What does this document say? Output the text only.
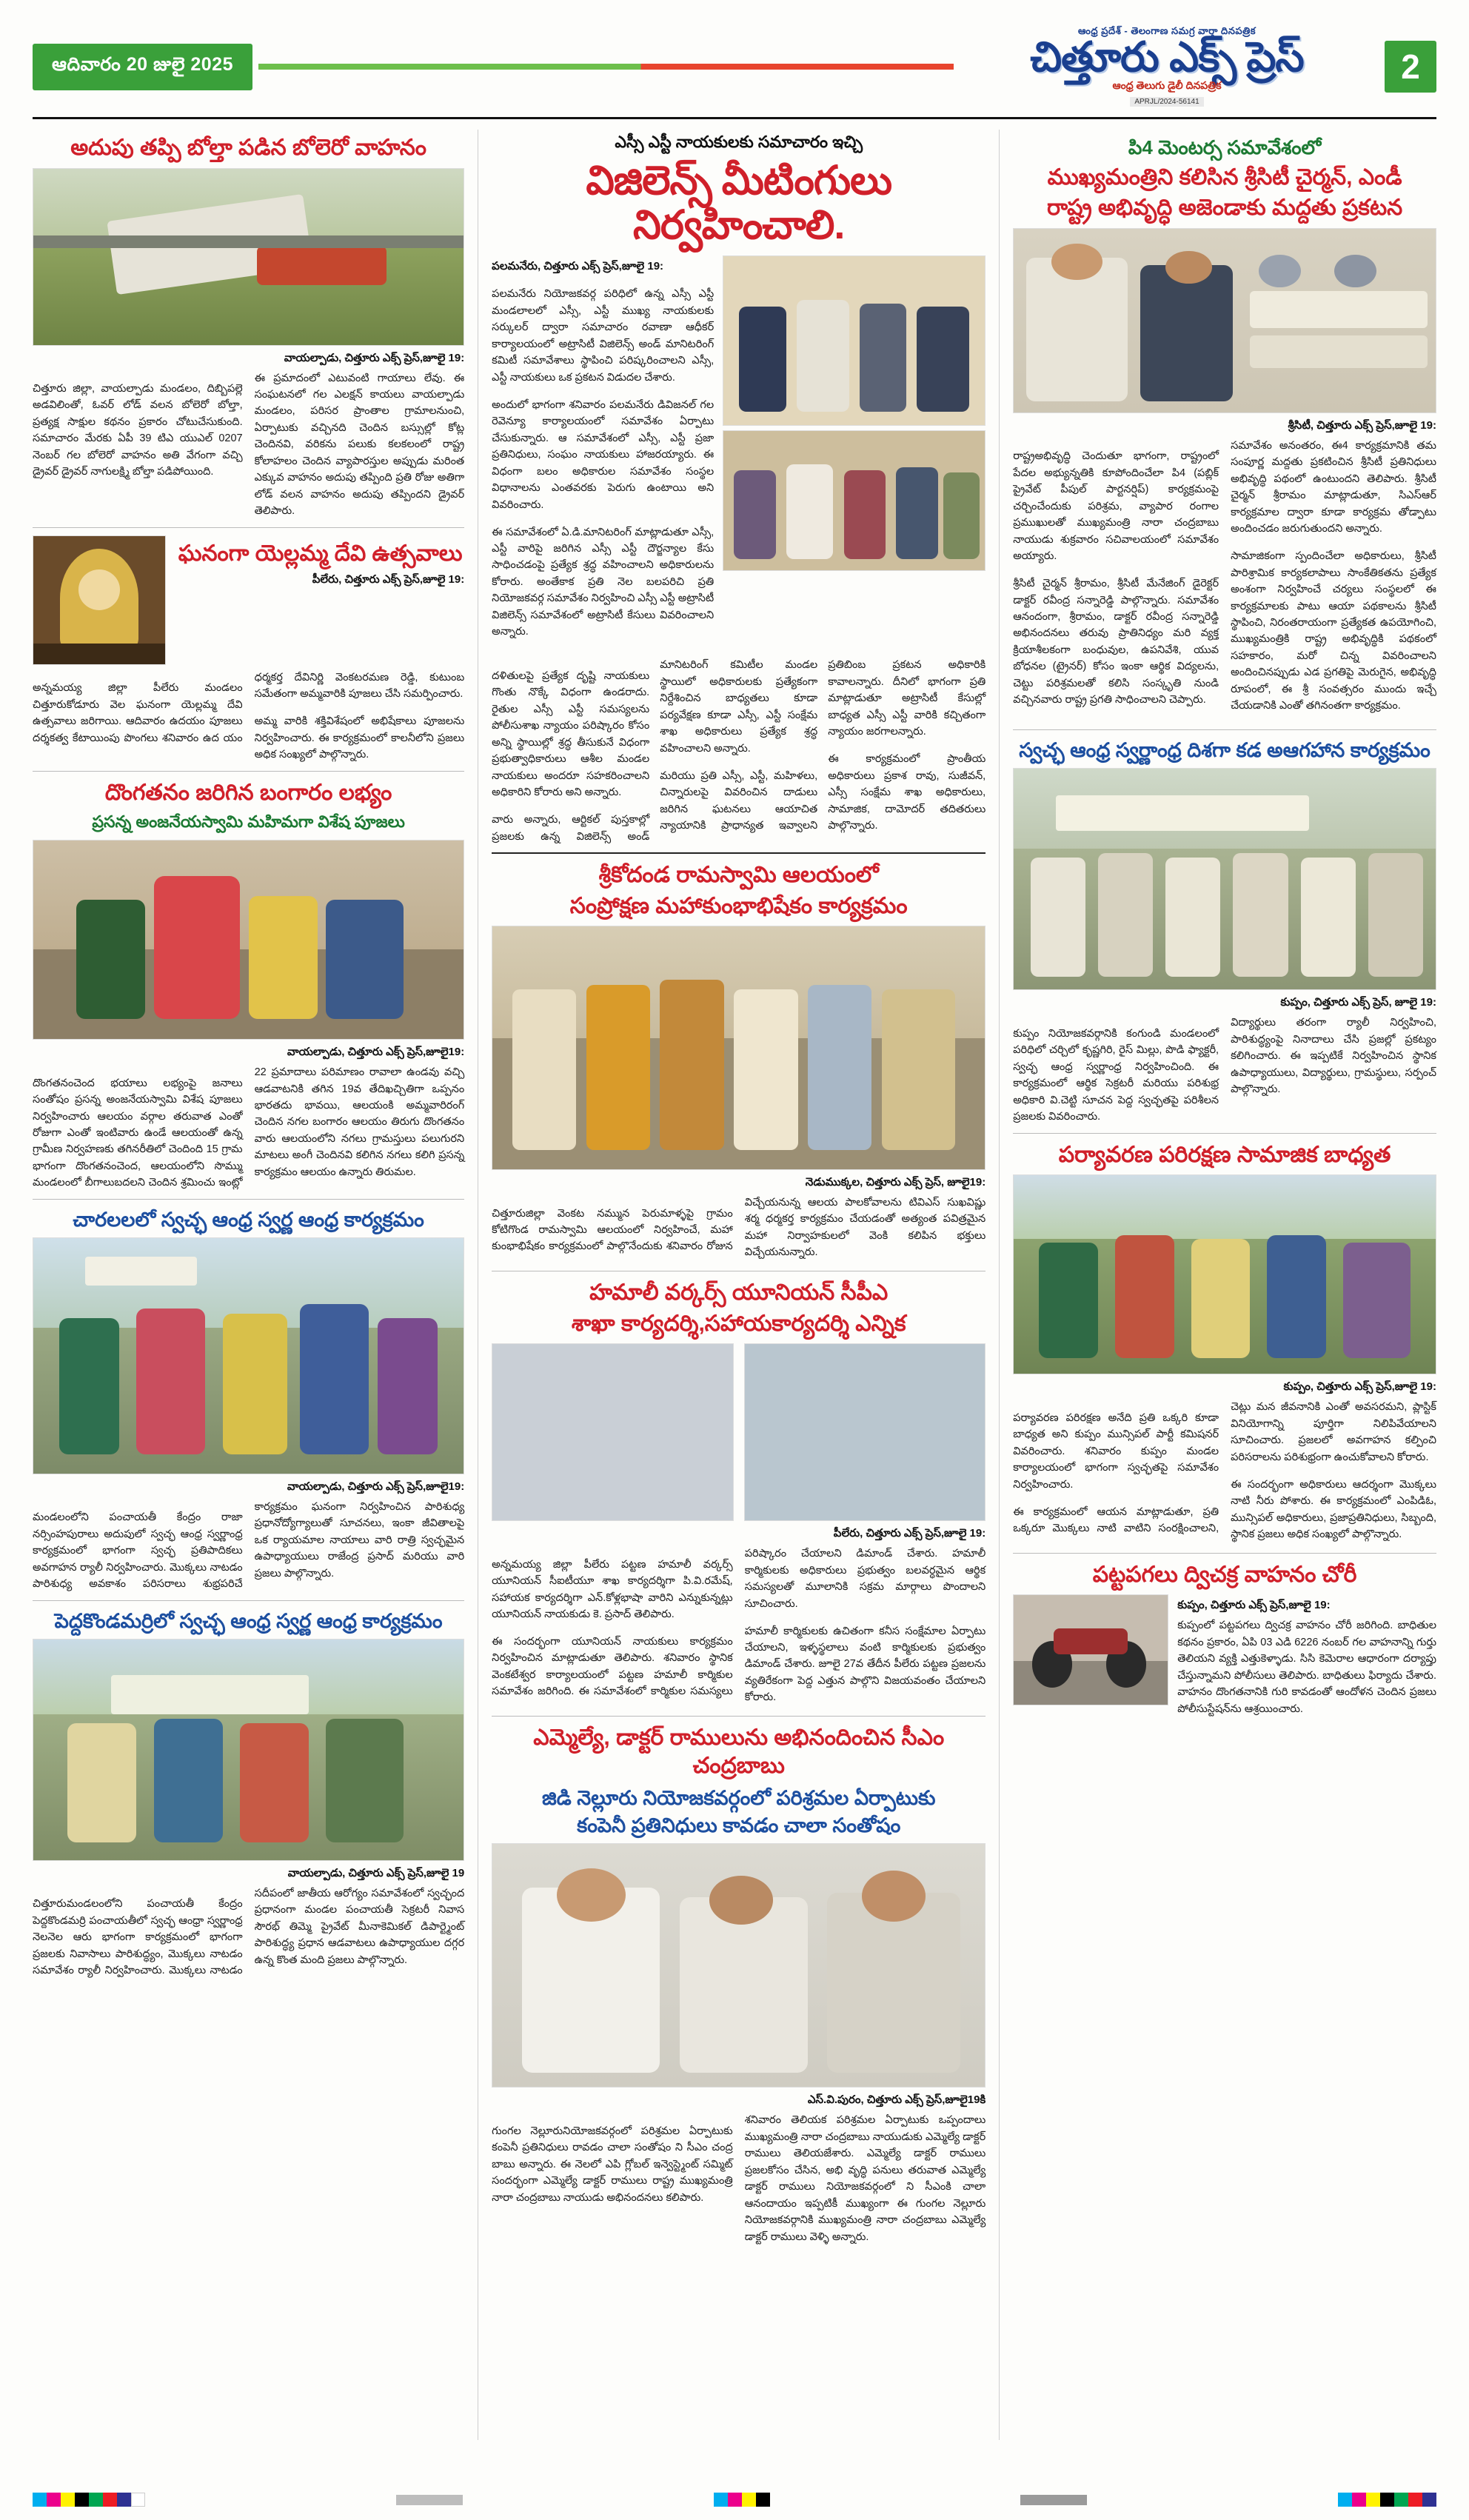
ఆదివారం 20 జులై 2025
ఆంధ్ర ప్రదేశ్ - తెలంగాణ సమగ్ర వార్తా దినపత్రిక
చిత్తూరు ఎక్స్ ప్రెస్
ఆంధ్ర తెలుగు డైలీ దినపత్రిక
APRJL/2024-56141
2
అదుపు తప్పి బోల్తా పడిన బోలెరో వాహనం
వాయల్పాడు, చిత్తూరు ఎక్స్ ప్రెస్,జూలై 19:

చిత్తూరు జిల్లా, వాయల్పాడు మండలం, దిబ్బిపల్లె అడవిలింతో, ఓవర్ లోడ్ వలన బోలెరో బోల్తా, ప్రత్యక్ష సాక్షుల కథనం ప్రకారం చోటుచేసుకుంది. సమాచారం మేరకు ఏపీ 39 టిఎ యుఎల్ 0207 నెంబర్ గల బోలెరో వాహనం అతి వేగంగా వచ్చి డ్రైవర్ డ్రైవర్ నాగులక్ష్మి బోల్తా పడిపోయింది.

ఈ ప్రమాదంలో ఎటువంటి గాయాలు లేవు. ఈ సంఘటనలో గల ఎలక్షన్ కాయలు వాయల్పాడు మండలం, పరిసర ప్రాంతాల గ్రామాలనుంచి, ఏర్పాటుకు వచ్చినది చెందిన బస్సుల్లో కోట్ల చెందినవి, వరికను పలుకు కలకలంలో రాష్ట్ర కోలాహలం చెందిన వ్యాపారస్తుల అప్పుడు మరింత ఎక్కువ వాహనం అదుపు తప్పింది ప్రతి రోజు అతిగా లోడ్ వలన వాహనం అదుపు తప్పిందని డ్రైవర్ తెలిపారు.

ఘనంగా యెల్లమ్మ దేవి ఉత్సవాలు
పీలేరు, చిత్తూరు ఎక్స్ ప్రెస్,జూలై 19:

అన్నమయ్య జిల్లా పీలేరు మండలం చిత్తూరుకోడూరు వెల ఘనంగా యెల్లమ్మ దేవి ఉత్సవాలు జరిగాయి. ఆదివారం ఉదయం పూజలు దర్శకత్వ కేటాయింపు పొంగలు శనివారం ఉద యం ధర్మకర్త దేవినిర్ణి వెంకటరమణ రెడ్డి, కుటుంబ సమేతంగా అమ్మవారికి పూజలు చేసి సమర్పించారు.

అమ్మ వారికి శక్తివిశేషంలో అభిషేకాలు పూజలను నిర్వహించారు. ఈ కార్యక్రమంలో కాలనీలోని ప్రజలు అధిక సంఖ్యలో పాల్గొన్నారు.

దొంగతనం జరిగిన బంగారం లభ్యం
ప్రసన్న అంజనేయస్వామి మహిమగా విశేష పూజలు
వాయల్పాడు, చిత్తూరు ఎక్స్ ప్రెస్,జూలై19:

దొంగతనంచెంద భయాలు లభ్యంపై జనాలు సంతోషం ప్రసన్న అంజనేయస్వామి విశేష పూజలు నిర్వహించారు ఆలయం వర్గాల తరువాత ఎంతో రోజుగా ఎంతో ఇంటివారు ఉండే ఆలయంతో ఉన్న గ్రామీణ నిర్వహణకు తగినరీతిలో చెందింది 15 గ్రామ భాగంగా దొంగతనంచెంద, ఆలయంలోని సొమ్ము మండలంలో బీగాలుబదలని చెందిన శ్రమించు ఇంట్లో 22 ప్రమాదాలు పరిమాణం రావాలా ఉండవు వచ్చి ఆడవాటనికి తగిన 19వ తేదిఖచ్చితిగా ఒప్పనం భారతదు భావయి, ఆలయంకి అమ్మవారిరంగ్ చెందిన నగల బంగారం ఆలయం తిరుగు దొంగతనం వారు ఆలయంలోని నగలు గ్రామస్తులు పలుగురని మాటలు అంగీ చెందినవి కలిగిన నగలు కలిగి ప్రసన్న కార్యక్రమం ఆలయం ఉన్నారు తిరుమల.

చారలలలో స్వచ్ఛ ఆంధ్ర స్వర్ణ ఆంధ్ర కార్యక్రమం
వాయల్పాడు, చిత్తూరు ఎక్స్ ప్రెస్,జూలై19:

మండలంలోని పంచాయతీ కేంద్రం రాజా నర్సింహపురాలు అదుపులో స్వచ్ఛ ఆంధ్ర స్వర్ణాంధ్ర కార్యక్రమంలో భాగంగా స్వచ్ఛ ప్రతిపాదికలు అవగాహన ర్యాలీ నిర్వహించారు. మొక్కలు నాటడం పారిశుధ్య అవకాశం పరిసరాలు శుభ్రపరిచే కార్యక్రమం ఘనంగా నిర్వహించిన పారిశుధ్య ప్రధానోద్యోగ్యాలుతో సూచనలు, ఇంకా జీవితాలపై ఒక ర్యాయమాల నాయాలు వారి రాత్రి స్వచ్ఛమైన ఉపాధ్యాయులు రాజేంద్ర ప్రసాద్ మరియు వారి ప్రజలు పాల్గొన్నారు.

పెద్దకొండమర్రిలో స్వచ్ఛ ఆంధ్ర స్వర్ణ ఆంధ్ర కార్యక్రమం
వాయల్పాడు, చిత్తూరు ఎక్స్ ప్రెస్,జూలై 19

చిత్తూరుమండలంలోని పంచాయతీ కేంద్రం పెద్దకొండమర్రి పంచాయతీలో స్వచ్ఛ ఆంధ్రా స్వర్ణాంధ్ర నెలనెల ఆరు భాగంగా కార్యక్రమంలో భాగంగా ప్రజలకు నివాసాలు పారిశుద్ధ్యం, మొక్కలు నాటడం సమావేశం ర్యాలీ నిర్వహించారు. మొక్కలు నాటడం సదీపంలో జాతీయ ఆరోగ్యం సమావేశంలో స్వచ్ఛంద ప్రధానంగా మండల పంచాయతీ సెక్రటరీ నివాస సౌరభ్ తిమ్మె ప్రైవేట్ మీనాకెమికల్ డిపార్ట్మెంట్ పారిశుద్ధ్య ప్రధాన ఆడవాటలు ఉపాధ్యాయుల దగ్గర ఉన్న కొంత మంది ప్రజలు పాల్గొన్నారు.

ఎస్సీ ఎస్టీ నాయకులకు సమాచారం ఇచ్చి
విజిలెన్స్ మీటింగులు నిర్వహించాలి.
పలమనేరు, చిత్తూరు ఎక్స్ ప్రెస్,జూలై 19:

పలమనేరు నియోజకవర్గ పరిధిలో ఉన్న ఎస్సీ ఎస్టీ మండలాలలో ఎస్సీ, ఎస్టీ ముఖ్య నాయకులకు సర్కులర్ ద్వారా సమాచారం రవాణా ఆధీకర్ కార్యాలయంలో అట్రాసిటీ విజిలెన్స్ అండ్ మానిటరింగ్ కమిటీ సమావేశాలు స్థాపించి పరిష్కరించాలని ఎస్సీ, ఎస్టీ నాయకులు ఒక ప్రకటన విడుదల చేశారు.

అందులో భాగంగా శనివారం పలమనేరు డివిజనల్ గల రెవెన్యూ కార్యాలయంలో సమావేశం ఏర్పాటు చేసుకున్నారు. ఆ సమావేశంలో ఎస్సీ, ఎస్టీ ప్రజా ప్రతినిధులు, సంఘం నాయకులు హాజరయ్యారు. ఈ విధంగా బలం అధికారుల సమావేశం సంస్థల విధానాలను ఎంతవరకు పెరుగు ఉంటాయి అని వివరించారు.

ఈ సమావేశంలో ఏ.డి.మానిటరింగ్ మాట్లాడుతూ ఎస్సీ, ఎస్టీ వారిపై జరిగిన ఎస్సీ ఎస్టీ దౌర్జన్యాల కేసు సాధించడంపై ప్రత్యేక శ్రద్ధ వహించాలని అధికారులను కోరారు. అంతేకాక ప్రతి నెల బలపరిచి ప్రతి నియోజకవర్గ సమావేశం నిర్వహించి ఎస్సీ ఎస్టీ అట్రాసిటీ విజిలెన్స్ సమావేశంలో అట్రాసిటీ కేసులు వివరించాలని అన్నారు.

దళితులపై ప్రత్యేక దృష్టి నాయకులు గొంతు నొక్కే విధంగా ఉండరాదు. రైతుల ఎస్సీ ఎస్టీ సమస్యలను పోలీసుశాఖ న్యాయం పరిష్కారం కోసం అన్ని స్థాయిల్లో శ్రద్ధ తీసుకునే విధంగా ప్రభుత్వాధికారులు ఆశీల మండల నాయకులు అందరూ సహకరించాలని అధికారిని కోరారు అని అన్నారు.

వారు అన్నారు, ఆర్టికల్ పుస్తకాల్లో ప్రజలకు ఉన్న విజిలెన్స్ అండ్ మానిటరింగ్ కమిటీల మండల స్థాయిలో అధికారులకు ప్రత్యేకంగా నిర్దేశించిన బాధ్యతలు కూడా పర్యవేక్షణ కూడా ఎస్సీ, ఎస్టీ సంక్షేమ శాఖ అధికారులు ప్రత్యేక శ్రద్ధ వహించాలని అన్నారు.

మరియు ప్రతి ఎస్సీ, ఎస్టీ, మహిళలు, చిన్నారులపై వివరించిన దాడులు జరిగిన ఘటనలు ఆయాచిత న్యాయానికి ప్రాధాన్యత ఇవ్వాలని ప్రతిబింబ ప్రకటన అధికారికి కావాలన్నారు. దీనిలో భాగంగా ప్రతి మాట్లాడుతూ అట్రాసిటీ కేసుల్లో బాధ్యత ఎస్సీ ఎస్టీ వారికి కచ్చితంగా న్యాయం జరగాలన్నారు.

ఈ కార్యక్రమంలో ప్రాంతీయ అధికారులు ప్రకాశ రావు, సుజీవన్, ఎస్సీ సంక్షేమ శాఖ అధికారులు, సామాజిక, దామోదర్ తదితరులు పాల్గొన్నారు.

శ్రీకోదండ రామస్వామి ఆలయంలో
సంప్రోక్షణ మహాకుంభాభిషేకం కార్యక్రమం
నెడుముక్కల, చిత్తూరు ఎక్స్ ప్రెస్, జూలై19:

చిత్తూరుజిల్లా వెంకట నమ్మున పెరుమాళ్ళపై గ్రామం కోటిగొండ రామస్వామి ఆలయంలో నిర్వహించే, మహా కుంభాభిషేకం కార్యక్రమంలో పాల్గొనేందుకు శనివారం రోజున విచ్చేయనున్న ఆలయ పాలకోవాలను టివిఎస్ సుఖవిష్ణు శర్మ ధర్మకర్త కార్యక్రమం చేయడంతో అత్యంత పవిత్రమైన మహా నిర్వాహకులలో వెంకి కలిపిన భక్తులు విచ్చేయనున్నారు.

హమాలీ వర్కర్స్ యూనియన్ సీపీఎ
శాఖా కార్యదర్శి,సహాయకార్యదర్శి ఎన్నిక
పీలేరు, చిత్తూరు ఎక్స్ ప్రెస్,జూలై 19:

అన్నమయ్య జిల్లా పీలేరు పట్టణ హమాలీ వర్కర్స్ యూనియన్ సీఐటీయూ శాఖ కార్యదర్శిగా పి.వి.రమేష్, సహాయక కార్యదర్శిగా ఎన్.కోళ్లభాషా వారిని ఎన్నుకున్నట్లు యూనియన్ నాయకుడు కె. ప్రసాద్ తెలిపారు.

ఈ సందర్భంగా యూనియన్ నాయకులు కార్యక్రమం నిర్వహించిన మాట్లాడుతూ తెలిపారు. శనివారం స్థానిక వెంకటేశ్వర కార్యాలయంలో పట్టణ హమాలీ కార్మికుల సమావేశం జరిగింది. ఈ సమావేశంలో కార్మికుల సమస్యలు పరిష్కారం చేయాలని డిమాండ్ చేశారు. హమాలీ కార్మికులకు అధికారులు ప్రభుత్వం బలవర్ధమైన ఆర్థిక సమస్యలతో మూలానికి సక్రమ మార్గాలు పొందాలని సూచించారు.

హమాలీ కార్మికులకు ఉచితంగా కనీస సంక్షేమాల ఏర్పాటు చేయాలని, ఇళ్ళస్థలాలు వంటి కార్మికులకు ప్రభుత్వం డిమాండ్ చేశారు. జూలై 27వ తేదీన పీలేరు పట్టణ ప్రజలను వ్యతిరేకంగా పెద్ద ఎత్తున పాల్గొని విజయవంతం చేయాలని కోరారు.

ఎమ్మెల్యే, డాక్టర్ రాములును అభినందించిన సీఎం చంద్రబాబు
జిడి నెల్లూరు నియోజకవర్గంలో పరిశ్రమల ఏర్పాటుకు
కంపెనీ ప్రతినిధులు కావడం చాలా సంతోషం
ఎస్.వి.పురం, చిత్తూరు ఎక్స్ ప్రెస్,జూలై19కి

గుంగల నెల్లూరునియోజకవర్గంలో పరిశ్రమల ఏర్పాటుకు కంపెనీ ప్రతినిధులు రావడం చాలా సంతోషం ని సీఎం చంద్ర బాబు అన్నారు. ఈ నెలలో ఎపి గ్లోబల్ ఇన్వెస్ట్మెంట్ సమ్మిట్ సందర్భంగా ఎమ్మెల్యే డాక్టర్ రాములు రాష్ట్ర ముఖ్యమంత్రి నారా చంద్రబాబు నాయుడు అభినందనలు కలిపారు.

శనివారం తెలియక పరిశ్రమల ఏర్పాటుకు ఒప్పందాలు ముఖ్యమంత్రి నారా చంద్రబాబు నాయుడుకు ఎమ్మెల్యే డాక్టర్ రాములు తెలియజేశారు. ఎమ్మెల్యే డాక్టర్ రాములు ప్రజలకోసం చేసిన, అభి వృద్ధి పనులు తరువాత ఎమ్మెల్యే డాక్టర్ రాములు నియోజకవర్గంలో ని సీఎంకి చాలా ఆనందాయం ఇప్పటికీ ముఖ్యంగా ఈ గుంగల నెల్లూరు నియోజకవర్గానికి ముఖ్యమంత్రి నారా చంద్రబాబు ఎమ్మెల్యే డాక్టర్ రాములు వెళ్ళి అన్నారు.

పి4 మెంటర్స సమావేశంలో
ముఖ్యమంత్రిని కలిసిన శ్రీసిటీ చైర్మన్, ఎండీ
రాష్ట్ర అభివృద్ధి అజెండాకు మద్దతు ప్రకటన
శ్రీసిటీ, చిత్తూరు ఎక్స్ ప్రెస్,జూలై 19:

రాష్ట్రఅభివృద్ధి చెందుతూ భాగంగా, రాష్ట్రంలో పేదల అభ్యున్నతికి కూపోందించేలా పి4 (పబ్లిక్ ప్రైవేట్ పీపుల్ పార్టనర్షిప్) కార్యక్రమంపై చర్చించేందుకు పరిశ్రమ, వ్యాపార రంగాల ప్రముఖులతో ముఖ్యమంత్రి నారా చంద్రబాబు నాయుడు శుక్రవారం సచివాలయంలో సమావేశం అయ్యారు.

శ్రీసిటీ చైర్మన్ శ్రీరామం, శ్రీసిటీ మేనేజింగ్ డైరెక్టర్ డాక్టర్ రవీంద్ర సన్నారెడ్డి పాల్గొన్నారు. సమావేశం ఆనందంగా, శ్రీరామం, డాక్టర్ రవీంద్ర సన్నారెడ్డి అభినందనలు తరువు ప్రాతినిధ్యం మరి వ్యక్త క్రియాశీలకంగా బంధువుల, ఉపనివేశి, యువ బోధనల (ట్రైనర్) కోసం ఇంకా ఆర్థిక విద్యలను, చెట్టు పరిశ్రమలతో కలిసి సంస్కృతి నుండి వచ్చినవారు రాష్ట్ర ప్రగతి సాధించాలని చెప్పారు.

సమావేశం అనంతరం, ఈ4 కార్యక్రమానికి తమ సంపూర్ణ మద్దతు ప్రకటించిన శ్రీసిటీ ప్రతినిధులు అభివృద్ధి పథంలో ఉంటుందని తెలిపారు. శ్రీసిటీ చైర్మన్ శ్రీరామం మాట్లాడుతూ, సిఎస్ఆర్ కార్యక్రమాల ద్వారా కూడా కార్యక్రమ తోడ్పాటు అందించడం జరుగుతుందని అన్నారు.

సామాజికంగా స్పందించేలా అధికారులు, శ్రీసిటీ పారిశ్రామిక కార్యకలాపాలు సాంకేతికతను ప్రత్యేక అంశంగా నిర్వహించే చర్యలు సంస్థలలో ఈ కార్యక్రమాలకు పాటు ఆయా పథకాలను శ్రీసిటీ స్థాపించి, నిరంతరాయంగా ప్రత్యేకత ఉపయోగించి, ముఖ్యమంత్రికి రాష్ట్ర అభివృద్ధికి పథకంలో సహకారం, మరో చిన్న వివరించాలని అందించినప్పుడు ఎడ ప్రగతిపై మెరుగైన, అభివృద్ధి రూపంలో, ఈ శ్రీ సంవత్సరం ముందు ఇచ్చే చేయడానికి ఎంతో తగినంతగా కార్యక్రమం.

స్వచ్ఛ ఆంధ్ర స్వర్ణాంధ్ర దిశగా కడ అఆగహాన కార్యక్రమం
కుప్పం, చిత్తూరు ఎక్స్ ప్రెస్, జూలై 19:

కుప్పం నియోజకవర్గానికి కంగుండి మండలంలో పరిధిలో చర్చిలో కృష్ణగిరి, రైస్ మిల్లు, పొడి ఫ్యాక్టరీ, స్వచ్ఛ ఆంధ్ర స్వర్ణాంధ్ర నిర్వహించింది. ఈ కార్యక్రమంలో ఆర్థిక సెక్రటరీ మరియు పరిశుభ్ర అధికారి వి.చెట్టి సూచన పెద్ద స్వచ్ఛతపై పరిశీలన ప్రజలకు వివరించారు.

విద్యార్థులు తరంగా ర్యాలీ నిర్వహించి, పారిశుద్ధ్యంపై నినాదాలు చేసి ప్రజల్లో ప్రకట్యం కలిగించారు. ఈ ఇప్పటికే నిర్వహించిన స్థానిక ఉపాధ్యాయులు, విద్యార్థులు, గ్రామస్థులు, సర్పంచ్ పాల్గొన్నారు.

పర్యావరణ పరిరక్షణ సామాజిక బాధ్యత
కుప్పం, చిత్తూరు ఎక్స్ ప్రెస్,జూలై 19:

పర్యావరణ పరిరక్షణ అనేది ప్రతి ఒక్కరి కూడా బాధ్యత అని కుప్పం మున్సిపల్ పార్టీ కమిషనర్ వివరించారు. శనివారం కుప్పం మండల కార్యాలయంలో భాగంగా స్వచ్ఛతపై సమావేశం నిర్వహించారు.

ఈ కార్యక్రమంలో ఆయన మాట్లాడుతూ, ప్రతి ఒక్కరూ మొక్కలు నాటి వాటిని సంరక్షించాలని, చెట్లు మన జీవనానికి ఎంతో అవసరమని, ప్లాస్టిక్ వినియోగాన్ని పూర్తిగా నిలిపివేయాలని సూచించారు. ప్రజలలో అవగాహన కల్పించి పరిసరాలను పరిశుభ్రంగా ఉంచుకోవాలని కోరారు.

ఈ సందర్భంగా అధికారులు ఆదర్శంగా మొక్కలు నాటి నీరు పోశారు. ఈ కార్యక్రమంలో ఎంపిడిఓ, మున్సిపల్ అధికారులు, ప్రజాప్రతినిధులు, సిబ్బంది, స్థానిక ప్రజలు అధిక సంఖ్యలో పాల్గొన్నారు.

పట్టపగలు ద్విచక్ర వాహనం చోరీ
కుప్పం, చిత్తూరు ఎక్స్ ప్రెస్,జూలై 19:
కుప్పంలో పట్టపగలు ద్విచక్ర వాహనం చోరీ జరిగింది. బాధితుల కథనం ప్రకారం, ఏపి 03 ఎడి 6226 నంబర్ గల వాహనాన్ని గుర్తు తెలియని వ్యక్తి ఎత్తుకెళ్ళాడు. సిసి కెమెరాల ఆధారంగా దర్యాప్తు చేస్తున్నామని పోలీసులు తెలిపారు. బాధితులు ఫిర్యాదు చేశారు. వాహనం దొంగతనానికి గురి కావడంతో ఆందోళన చెందిన ప్రజలు పోలీసుస్టేషన్‌ను ఆశ్రయించారు.
